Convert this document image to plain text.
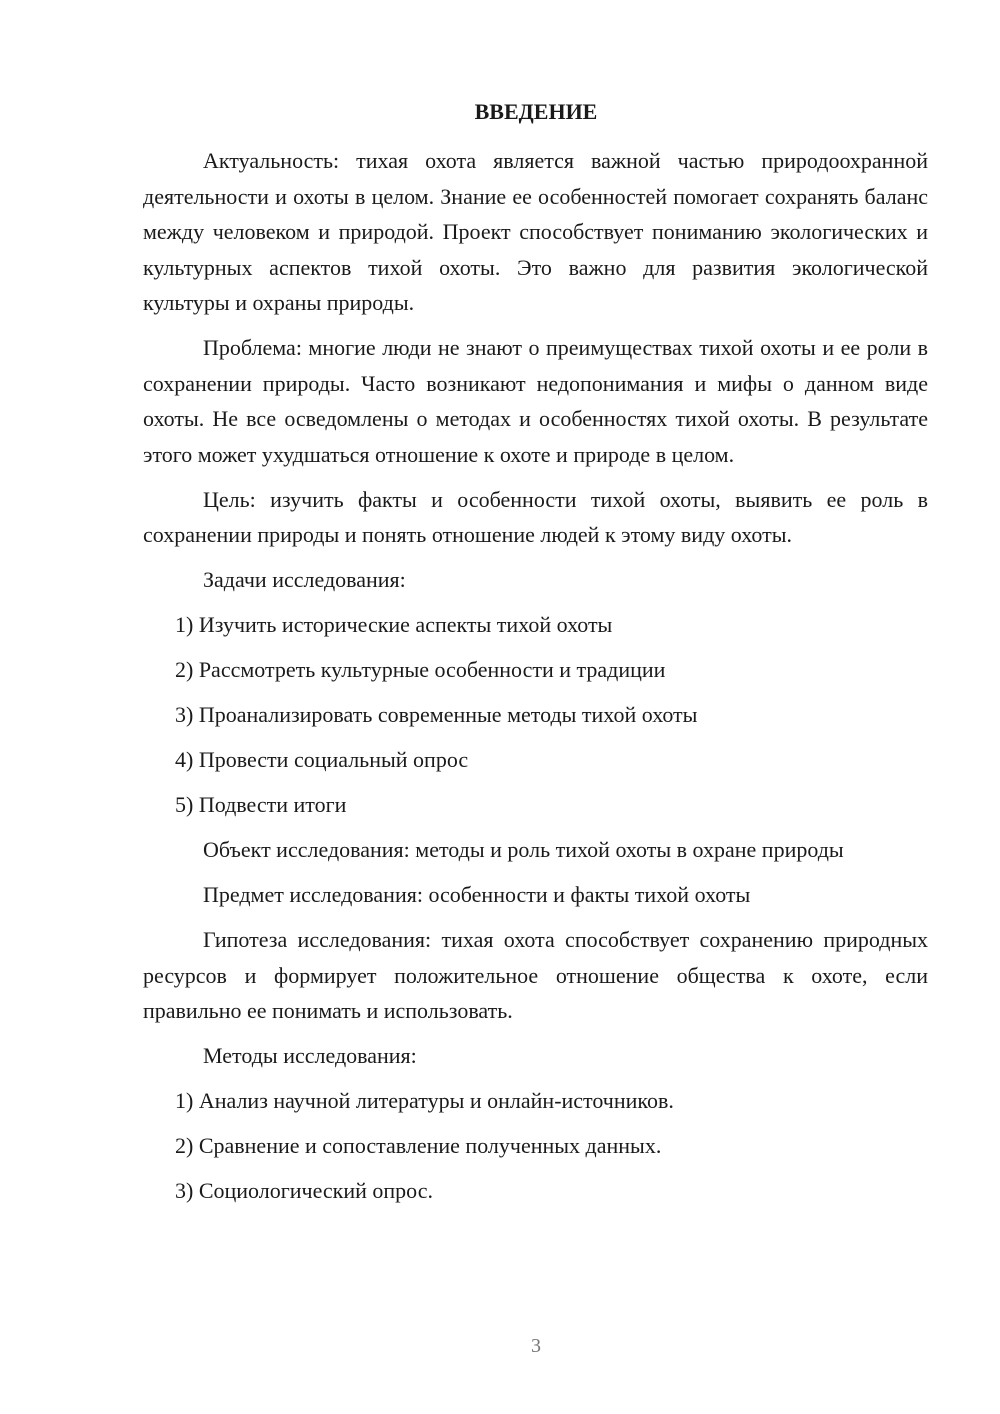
ВВЕДЕНИЕ

Актуальность: тихая охота является важной частью природоохранной деятельности и охоты в целом. Знание ее особенностей помогает сохранять баланс между человеком и природой. Проект способствует пониманию экологических и культурных аспектов тихой охоты. Это важно для развития экологической культуры и охраны природы.

Проблема: многие люди не знают о преимуществах тихой охоты и ее роли в сохранении природы. Часто возникают недопонимания и мифы о данном виде охоты. Не все осведомлены о методах и особенностях тихой охоты. В результате этого может ухудшаться отношение к охоте и природе в целом.

Цель: изучить факты и особенности тихой охоты, выявить ее роль в сохранении природы и понять отношение людей к этому виду охоты.

Задачи исследования:

1) Изучить исторические аспекты тихой охоты
2) Рассмотреть культурные особенности и традиции
3) Проанализировать современные методы тихой охоты
4) Провести социальный опрос
5) Подвести итоги

Объект исследования: методы и роль тихой охоты в охране природы

Предмет исследования: особенности и факты тихой охоты

Гипотеза исследования: тихая охота способствует сохранению природных ресурсов и формирует положительное отношение общества к охоте, если правильно ее понимать и использовать.

Методы исследования:

1) Анализ научной литературы и онлайн-источников.
2) Сравнение и сопоставление полученных данных.
3) Социологический опрос.
3
